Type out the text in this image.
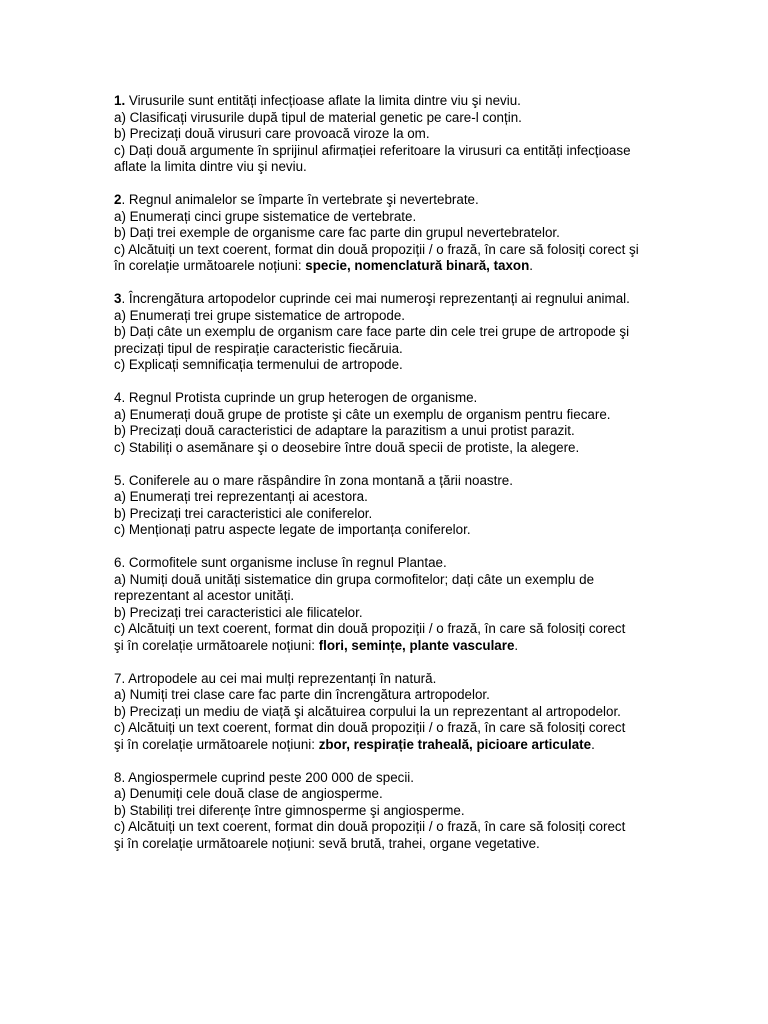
1. Virusurile sunt entități infecțioase aflate la limita dintre viu şi neviu.
a) Clasificați virusurile după tipul de material genetic pe care-l conțin.
b) Precizați două virusuri care provoacă viroze la om.
c) Dați două argumente în sprijinul afirmației referitoare la virusuri ca entități infecțioase
aflate la limita dintre viu şi neviu.
2. Regnul animalelor se împarte în vertebrate şi nevertebrate.
a) Enumerați cinci grupe sistematice de vertebrate.
b) Dați trei exemple de organisme care fac parte din grupul nevertebratelor.
c) Alcătuiți un text coerent, format din două propoziții / o frază, în care să folosiți corect şi
în corelație următoarele noțiuni: specie, nomenclatură binară, taxon.
3. Încrengătura artopodelor cuprinde cei mai numeroşi reprezentanți ai regnului animal.
a) Enumerați trei grupe sistematice de artropode.
b) Dați câte un exemplu de organism care face parte din cele trei grupe de artropode şi
precizați tipul de respirație caracteristic fiecăruia.
c) Explicați semnificația termenului de artropode.
4. Regnul Protista cuprinde un grup heterogen de organisme.
a) Enumerați două grupe de protiste şi câte un exemplu de organism pentru fiecare.
b) Precizați două caracteristici de adaptare la parazitism a unui protist parazit.
c) Stabiliți o asemănare şi o deosebire între două specii de protiste, la alegere.
5. Coniferele au o mare răspândire în zona montană a țării noastre.
a) Enumerați trei reprezentanți ai acestora.
b) Precizați trei caracteristici ale coniferelor.
c) Menționați patru aspecte legate de importanța coniferelor.
6. Cormofitele sunt organisme incluse în regnul Plantae.
a) Numiți două unități sistematice din grupa cormofitelor; dați câte un exemplu de
reprezentant al acestor unități.
b) Precizați trei caracteristici ale filicatelor.
c) Alcătuiți un text coerent, format din două propoziții / o frază, în care să folosiți corect
şi în corelație următoarele noțiuni: flori, semințe, plante vasculare.
7. Artropodele au cei mai mulți reprezentanți în natură.
a) Numiți trei clase care fac parte din încrengătura artropodelor.
b) Precizați un mediu de viață şi alcătuirea corpului la un reprezentant al artropodelor.
c) Alcătuiți un text coerent, format din două propoziții / o frază, în care să folosiți corect
şi în corelație următoarele noțiuni: zbor, respirație traheală, picioare articulate.
8. Angiospermele cuprind peste 200 000 de specii.
a) Denumiți cele două clase de angiosperme.
b) Stabiliți trei diferențe între gimnosperme şi angiosperme.
c) Alcătuiți un text coerent, format din două propoziții / o frază, în care să folosiți corect
şi în corelație următoarele noțiuni: sevă brută, trahei, organe vegetative.
